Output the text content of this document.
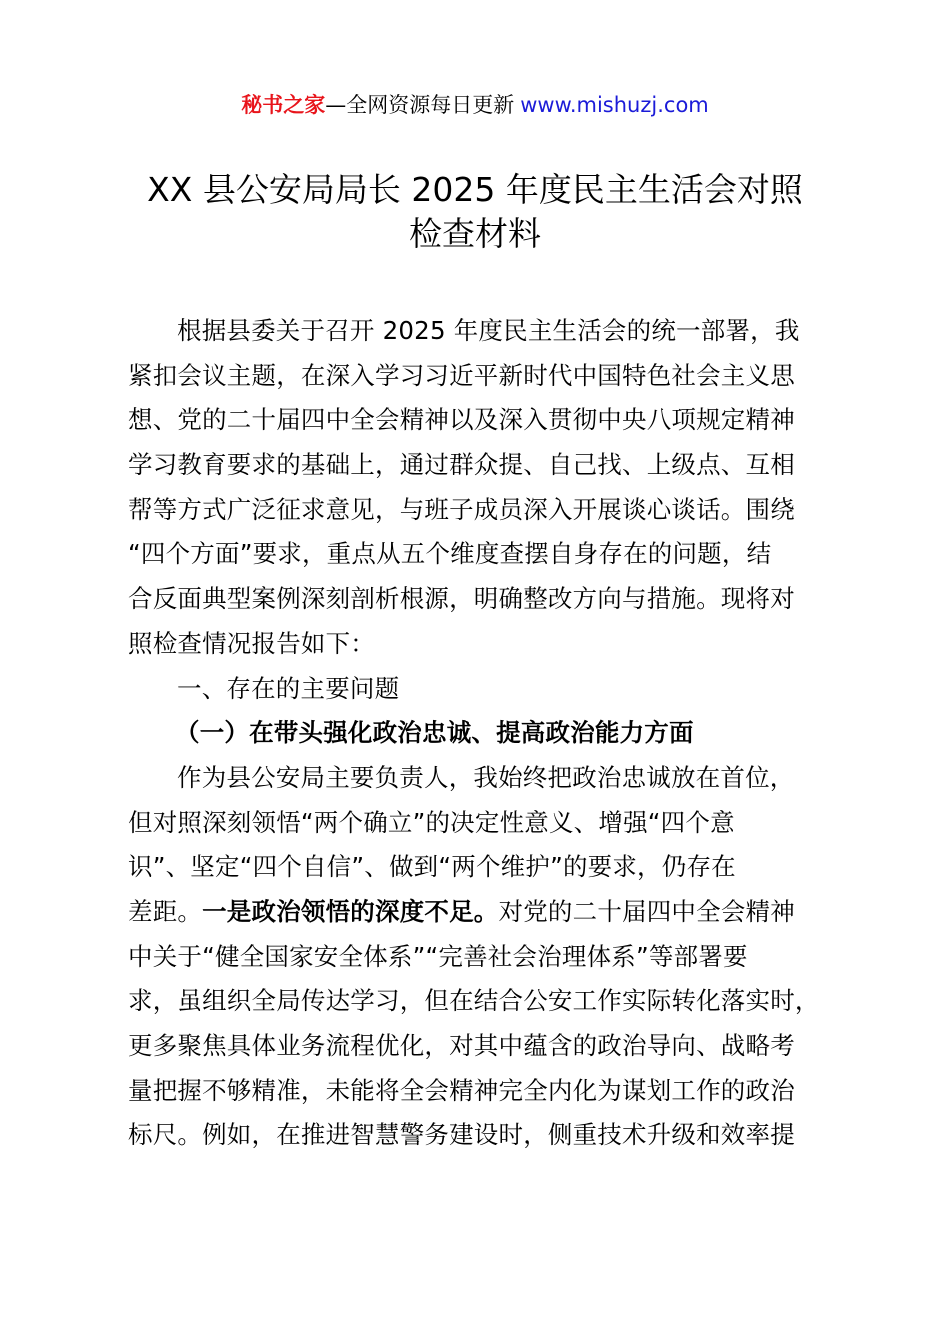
秘书之家—全网资源每日更新 www.mishuzj.com
XX 县公安局局长 2025 年度民主生活会对照
检查材料
根据县委关于召开 2025 年度民主生活会的统一部署，我
紧扣会议主题，在深入学习习近平新时代中国特色社会主义思
想、党的二十届四中全会精神以及深入贯彻中央八项规定精神
学习教育要求的基础上，通过群众提、自己找、上级点、互相
帮等方式广泛征求意见，与班子成员深入开展谈心谈话。围绕
“四个方面”要求，重点从五个维度查摆自身存在的问题，结
合反面典型案例深刻剖析根源，明确整改方向与措施。现将对
照检查情况报告如下：
一、存在的主要问题
（一）在带头强化政治忠诚、提高政治能力方面
作为县公安局主要负责人，我始终把政治忠诚放在首位，
但对照深刻领悟“两个确立”的决定性意义、增强“四个意
识”、坚定“四个自信”、做到“两个维护”的要求，仍存在
差距。一是政治领悟的深度不足。对党的二十届四中全会精神
中关于“健全国家安全体系”“完善社会治理体系”等部署要
求，虽组织全局传达学习，但在结合公安工作实际转化落实时，
更多聚焦具体业务流程优化，对其中蕴含的政治导向、战略考
量把握不够精准，未能将全会精神完全内化为谋划工作的政治
标尺。例如，在推进智慧警务建设时，侧重技术升级和效率提
